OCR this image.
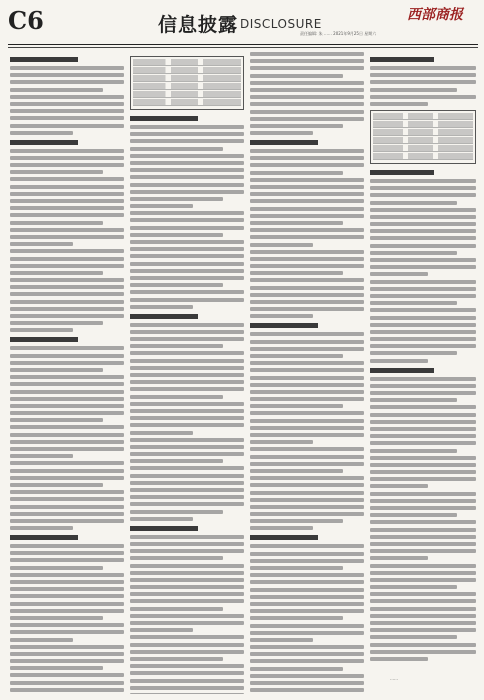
C6	信息披露 DISCLOSURE
西部商报
责任编辑: 朱 …… 2021年9月25日 星期六
……
